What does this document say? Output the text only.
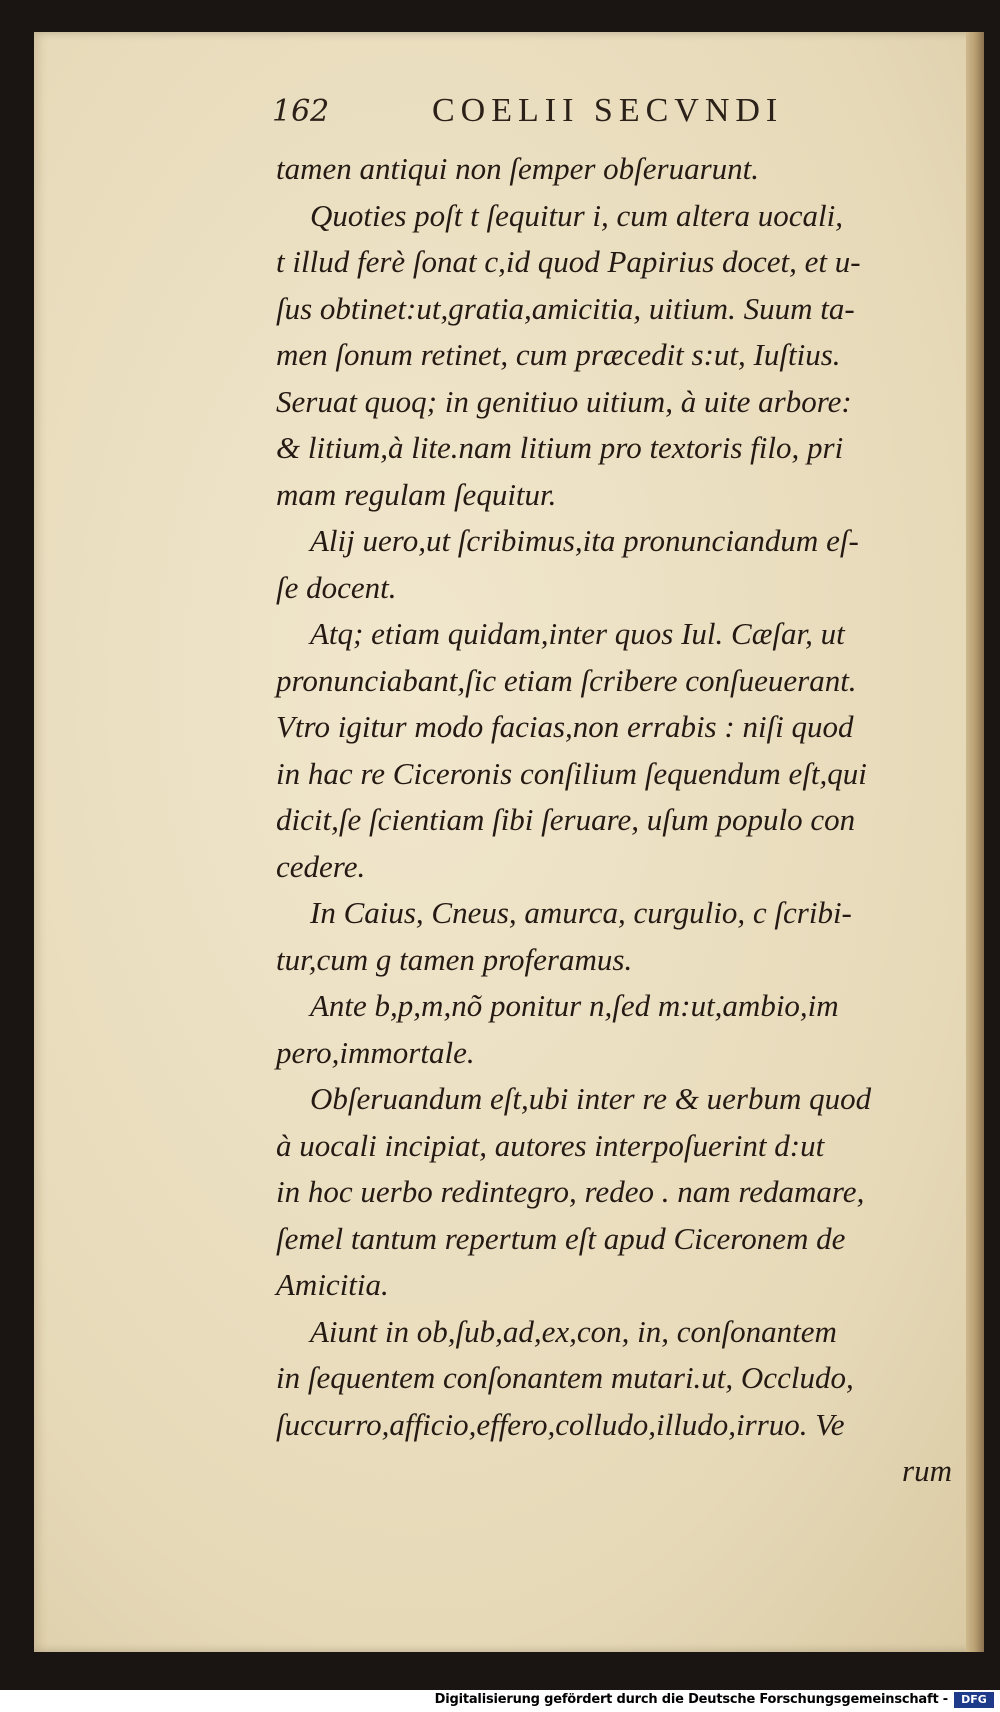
162	COELII SECVNDI
tamen antiqui non ſemper obſeruarunt.
Quoties poſt t ſequitur i, cum altera uocali,
t illud ferè ſonat c,id quod Papirius docet, et u-
ſus obtinet:ut,gratia,amicitia, uitium. Suum ta-
men ſonum retinet, cum præcedit s:ut, Iuſtius.
Seruat quoq; in genitiuo uitium, à uite arbore:
& litium,à lite.nam litium pro textoris filo, pri
mam regulam ſequitur.
Alij uero,ut ſcribimus,ita pronunciandum eſ-
ſe docent.
Atq; etiam quidam,inter quos Iul. Cæſar, ut
pronunciabant,ſic etiam ſcribere conſueuerant.
Vtro igitur modo facias,non errabis : niſi quod
in hac re Ciceronis conſilium ſequendum eſt,qui
dicit,ſe ſcientiam ſibi ſeruare, uſum populo con
cedere.
In Caius, Cneus, amurca, curgulio, c ſcribi-
tur,cum g tamen proferamus.
Ante b,p,m,nõ ponitur n,ſed m:ut,ambio,im
pero,immortale.
Obſeruandum eſt,ubi inter re & uerbum quod
à uocali incipiat, autores interpoſuerint d:ut
in hoc uerbo redintegro, redeo . nam redamare,
ſemel tantum repertum eſt apud Ciceronem de
Amicitia.
Aiunt in ob,ſub,ad,ex,con, in, conſonantem
in ſequentem conſonantem mutari.ut, Occludo,
ſuccurro,afficio,effero,colludo,illudo,irruo. Ve
rum
Digitalisierung gefördert durch die Deutsche Forschungsgemeinschaft -	DFG
